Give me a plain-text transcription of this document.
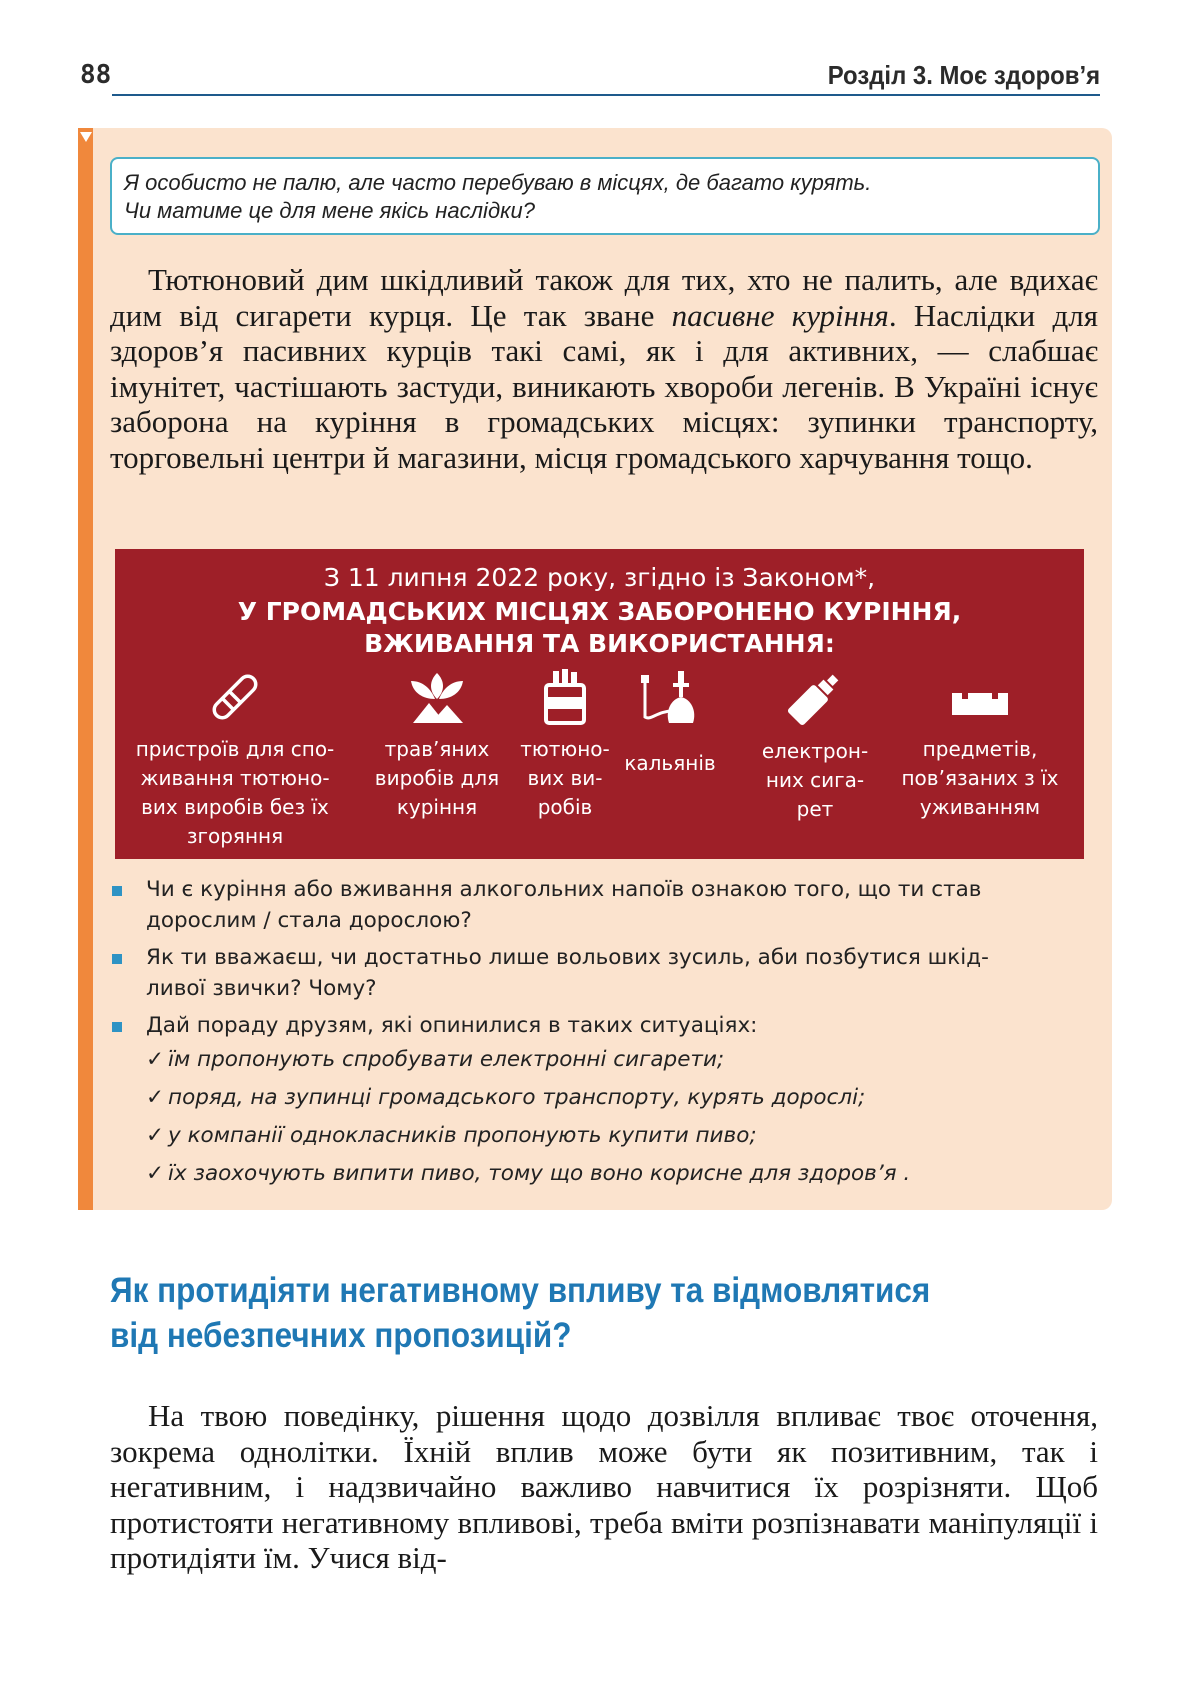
88	Розділ 3. Моє здоров’я
Я особисто не палю, але часто перебуваю в місцях, де багато курять.
Чи матиме це для мене якісь наслідки?

Тютюновий дим шкідливий також для тих, хто не палить, але вдихає дим від сигарети курця. Це так зване пасивне куріння. Наслідки для здоров’я пасивних курців такі самі, як і для активних, — слабшає імунітет, частішають застуди, виникають хвороби легенів. В Україні існує заборона на куріння в громадських місцях: зупинки транспорту, торговельні центри й магазини, місця громадського харчування тощо.

З 11 липня 2022 року, згідно із Законом*,
У ГРОМАДСЬКИХ МІСЦЯХ ЗАБОРОНЕНО КУРІННЯ,
ВЖИВАННЯ ТА ВИКОРИСТАННЯ:
пристроїв для спо-
живання тютюно-
вих виробів без їх
згоряння
трав’яних
виробів для
куріння
тютюно-
вих ви-
робів
кальянів	електрон-
них сига-
рет
предметів,
пов’язаних з їх
уживанням
Чи є куріння або вживання алкогольних напоїв ознакою того, що ти став
дорослим / стала дорослою?
Як ти вважаєш, чи достатньо лише вольових зусиль, аби позбутися шкід-
ливої звички? Чому?
Дай пораду друзям, які опинилися в таких ситуаціях:
✓ їм пропонують спробувати електронні сигарети;
✓ поряд, на зупинці громадського транспорту, курять дорослі;
✓ у компанії однокласників пропонують купити пиво;
✓ їх заохочують випити пиво, тому що воно корисне для здоров’я .
Як протидіяти негативному впливу та відмовлятися
від небезпечних пропозицій?

На твою поведінку, рішення щодо дозвілля впливає твоє оточення, зокрема однолітки. Їхній вплив може бути як позитивним, так і негативним, і надзвичайно важливо навчитися їх розрізняти. Щоб протистояти негативному впливові, треба вміти розпізнавати маніпуляції і протидіяти їм. Учися від-
